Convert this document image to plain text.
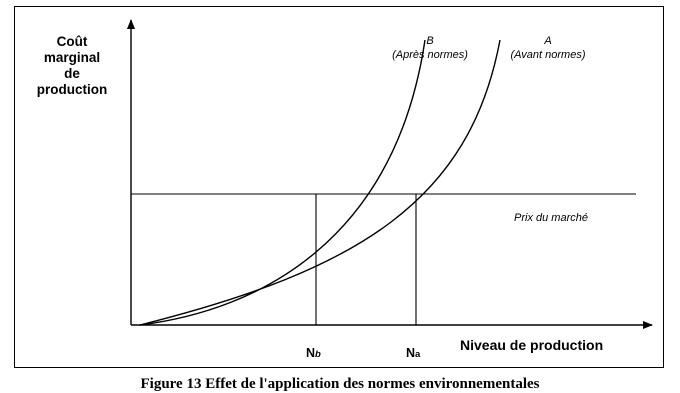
Coût
marginal
de
production
B
(Après normes)
A
(Avant normes)
Prix du marché
Niveau de production
Nb	Na
Figure 13 Effet de l'application des normes environnementales
